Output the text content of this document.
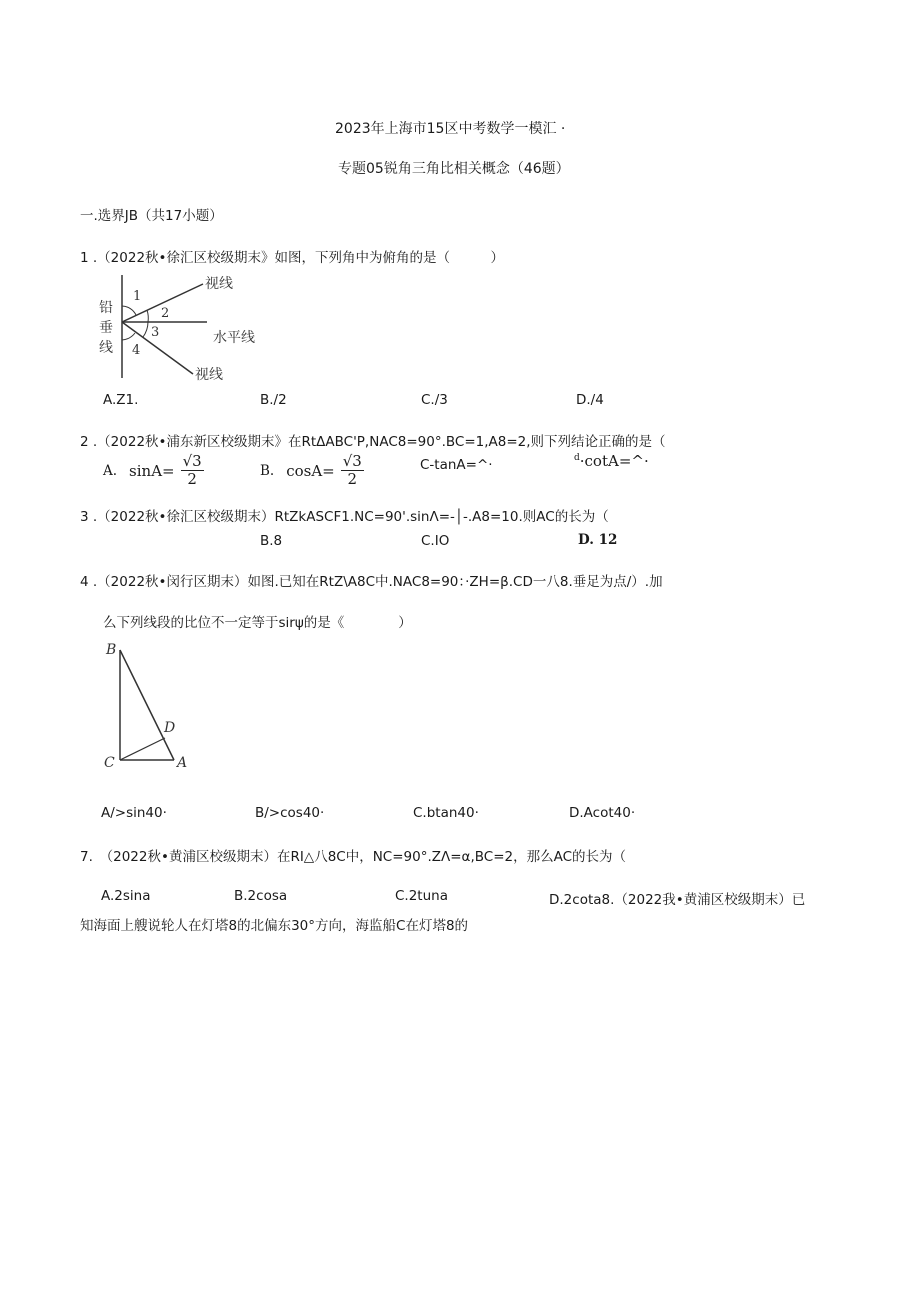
2023年上海市15区中考数学一模汇 ·
专题05锐角三角比相关概念（46题）
一.选界JB（共17小题）
1 .（2022秋•徐汇区校级期末》如图，下列角中为俯角的是（　　　）
铅
垂
线
1
2
3
4
视线
水平线
视线
A.Z1.	B./2	C./3	D./4
2 .（2022秋•浦东新区校级期末》在RtΔABC'P,NAC8=90°.BC=1,A8=2,则下列结论正确的是（
A. $\sin A= \frac{√3}{2}$	B. $\cos A= \frac{√3}{2}$	C-tanA=^·	$^d$·cotA=^·
3 .（2022秋•徐汇区校级期末）RtZkASCF1.NC=90'.sinΛ=-│-.A8=10.则AC的长为（
B.8	C.IO	D. 12
4 .（2022秋•闵行区期末）如图.已知在RtZ\A8C中.NAC8=90：·ZH=β.CD一八8.垂足为点/）.加
么下列线段的比位不一定等于sirψ的是《　　　　）
B
C
D
A
A/>sin40·	B/>cos40·	C.btan40·	D.Acot40·
7.　（2022秋•黄浦区校级期末）在RI△八8C中，NC=90°.ZΛ=α,BC=2，那么AC的长为（
A.2sina	B.2cosa	C.2tuna	D.2cota8.（2022我•黄浦区校级期末）已
知海面上艘说轮人在灯塔8的北偏东30°方向，海监船C在灯塔8的
